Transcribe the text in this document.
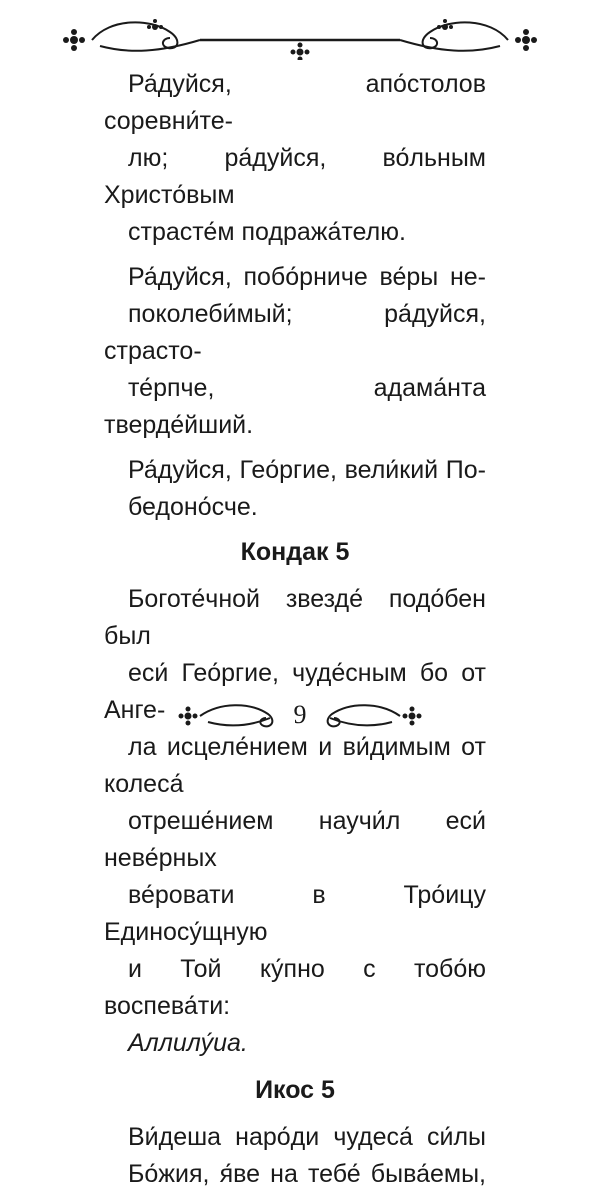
Ра́дуйся, апо́столов соревни́те-
лю; ра́дуйся, во́льным Христо́вым
страсте́м подража́телю.

Ра́дуйся, побо́рниче ве́ры не-
поколеби́мый; ра́дуйся, страсто-
те́рпче, адама́нта тверде́йший.

Ра́дуйся, Гео́ргие, вели́кий По-
бедоно́сче.

Кондак 5

Боготе́чной звезде́ подо́бен был
еси́ Гео́ргие, чуде́сным бо от Анге-
ла исцеле́нием и ви́димым от колеса́
отреше́нием научи́л еси́ неве́рных
ве́ровати в Тро́ицу Единосу́щную
и Той ку́пно с тобо́ю воспева́ти:
Аллилу́иа.

Икос 5

Ви́деша наро́ди чудеса́ си́лы
Бо́жия, я́ве на тебе́ быва́емы,

9
